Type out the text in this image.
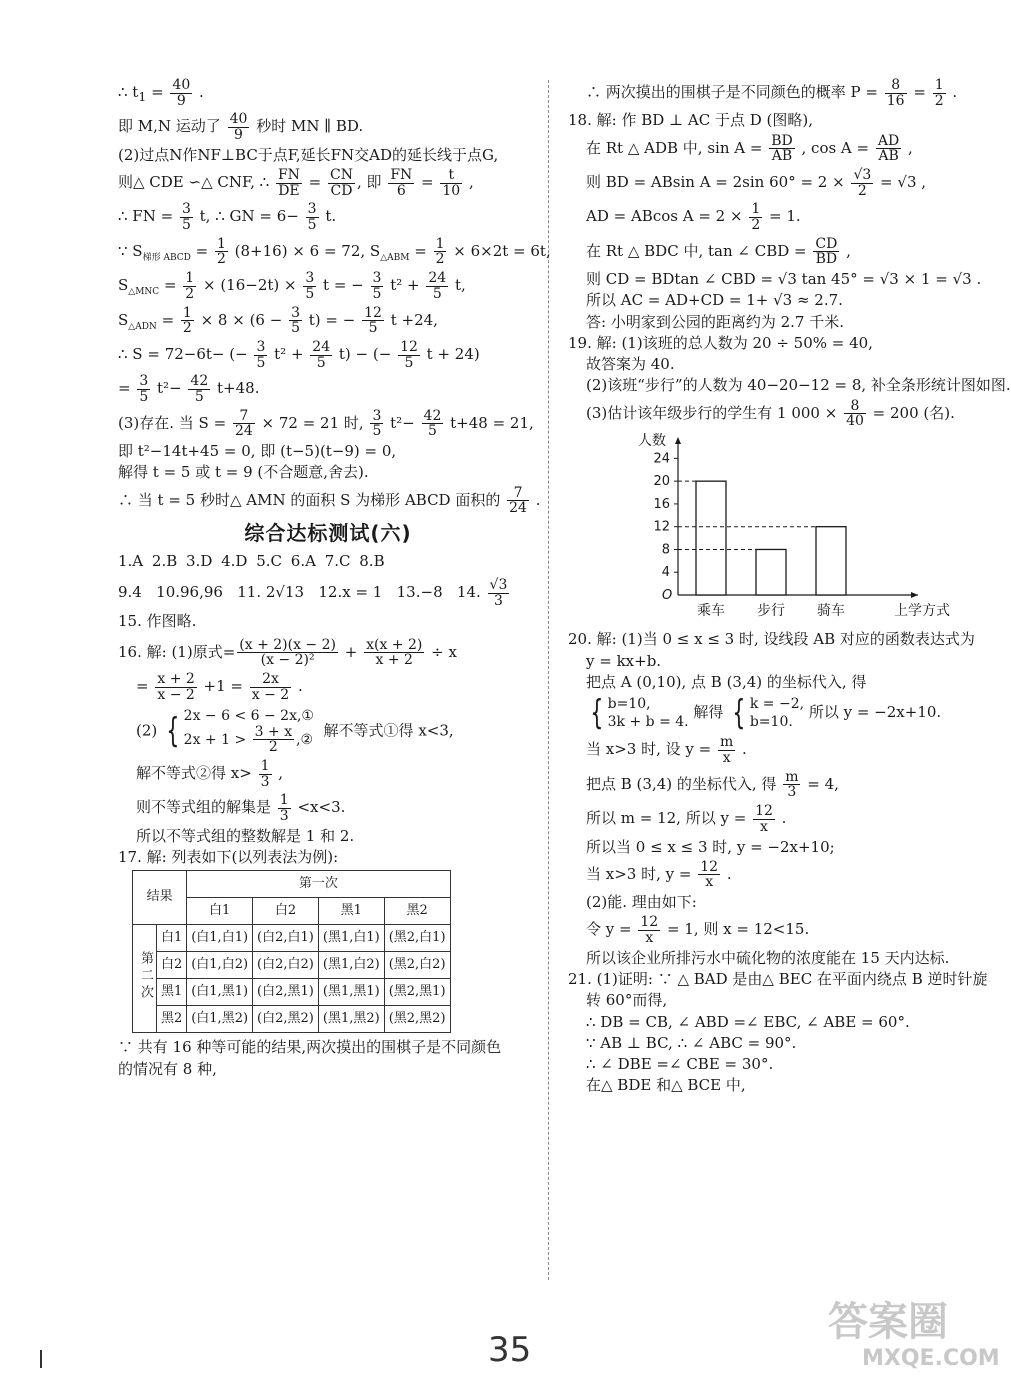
∴ $t_1 = \frac{40}{9}$ .

即 M,N 运动了 $\frac{40}{9}$ 秒时 MN ∥ BD.

(2)过点N作NF⊥BC于点F,延长FN交AD的延长线于点G,

则△ CDE ∽△ CNF, ∴ $\frac{FN}{DE} = \frac{CN}{CD}$ , 即 $\frac{FN}{6} = \frac{t}{10}$ ,

∴ FN = $\frac{3}{5} t$, ∴ GN = $6- \frac{3}{5} t$.

∵ $S_{梯形 ABCD} = \frac{1}{2} (8+16) \times 6 = 72$, $S_{\triangle ABM} = \frac{1}{2} \times 6\times 2t = 6t$,

$S_{\triangle MNC} = \frac{1}{2} \times (16-2t) \times \frac{3}{5}$ t = − $\frac{3}{5} t^2 + \frac{24}{5} t$,

$S_{\triangle ADN} = \frac{1}{2} \times 8 \times (6 - \frac{3}{5} t)$ = − $\frac{12}{5}$ t +24,

∴ S = 72−6t− (− $\frac{3}{5} t^2 + \frac{24}{5} t$) − (− $\frac{12}{5}$ t + 24)

= $\frac{3}{5} t^2- \frac{42}{5} t+48$.

(3)存在. 当 $S = \frac{7}{24} \times 72 = 21$ 时, $\frac{3}{5} t^2- \frac{42}{5} t+48 = 21$,

即 t²−14t+45 = 0, 即 (t−5)(t−9) = 0,

解得 t = 5 或 t = 9 (不合题意,舍去).

∴ 当 t = 5 秒时△ AMN 的面积 S 为梯形 ABCD 面积的 $\frac{7}{24}$ .

综合达标测试(六)

1.A 2.B 3.D 4.D 5.C 6.A 7.C 8.B

9.4   10.96,96   11. 2√13   12.x = 1   13.−8   14. $\frac{√3}{3}$

15. 作图略.

16. 解: (1)原式= $\frac{(x + 2)(x - 2)}{\text{(x − 2)²}} + \frac{x(x + 2)}{x + 2} \div x$

= $\frac{x + 2}{x - 2} +1 = \frac{2x}{x - 2}$ .

(2) { 2x − 6 < 6 − 2x,①
$2x + 1 > \frac{3 + x}{2}$ ,②
解不等式①得 x<3,

解不等式②得 $x> \frac{1}{3}$ ,

则不等式组的解集是 $\frac{1}{3} <x<3$.

所以不等式组的整数解是 1 和 2.

17. 解: 列表如下(以列表法为例):

结果		第一次			
		白1	白2	黑1	黑2
第二次	白1	(白1,白1)	(白2,白1)	(黑1,白1)	(黑2,白1)
	白2	(白1,白2)	(白2,白2)	(黑1,白2)	(黑2,白2)
	黑1	(白1,黑1)	(白2,黑1)	(黑1,黑1)	(黑2,黑1)
	黑2	(白1,黑2)	(白2,黑2)	(黑1,黑2)	(黑2,黑2)

∵ 共有 16 种等可能的结果,两次摸出的围棋子是不同颜色

的情况有 8 种,

∴ 两次摸出的围棋子是不同颜色的概率 $P = \frac{8}{16} = \frac{1}{2}$ .

18. 解: 作 BD ⊥ AC 于点 D (图略),

在 Rt △ ADB 中, $\sin A = \frac{BD}{AB}$ , $\cos A = \frac{AD}{AB}$ ,

则 BD = ABsin A = 2sin $60^\circ = 2 \times \frac{√3}{2} = √3$ ,

AD = ABcos $A = 2 \times \frac{1}{2} = 1$.

在 Rt △ BDC 中, tan ∠ CBD = $\frac{CD}{BD}$ ,

则 CD = BDtan ∠ CBD = √3 tan 45° = √3 × 1 = √3 .

所以 AC = AD+CD = 1+ √3 ≈ 2.7.

答: 小明家到公园的距离约为 2.7 千米.

19. 解: (1)该班的总人数为 20 ÷ 50% = 40,

故答案为 40.

(2)该班“步行”的人数为 40−20−12 = 8, 补全条形统计图如图.

(3)估计该年级步行的学生有 1 $000 \times \frac{8}{40} = 200$ (名).

人数
上学方式
O
4
8
12
16
20
24
乘车 步行 骑车

20. 解: (1)当 0 ≤ x ≤ 3 时, 设线段 AB 对应的函数表达式为

y = kx+b.

把点 A (0,10), 点 B (3,4) 的坐标代入, 得

{ b=10,
3k + b = 4.
解得 { k = −2,
b=10.
所以 y = −2x+10.

当 x>3 时, 设 $y = \frac{m}{x}$ .

把点 B (3,4) 的坐标代入, 得 $\frac{m}{3} = 4$,

所以 m = 12, 所以 $y = \frac{12}{x}$ .

所以当 0 ≤ x ≤ 3 时, y = −2x+10;

当 x>3 时, $y = \frac{12}{x}$ .

(2)能. 理由如下:

令 $y = \frac{12}{x} = 1$, 则 x = 12<15.

所以该企业所排污水中硫化物的浓度能在 15 天内达标.

21. (1)证明: ∵ △ BAD 是由△ BEC 在平面内绕点 B 逆时针旋

转 60°而得,

∴ DB = CB, ∠ ABD =∠ EBC, ∠ ABE = 60°.

∵ AB ⊥ BC, ∴ ∠ ABC = 90°.

∴ ∠ DBE =∠ CBE = 30°.

在△ BDE 和△ BCE 中,

35
答案圈
MXQE.COM
